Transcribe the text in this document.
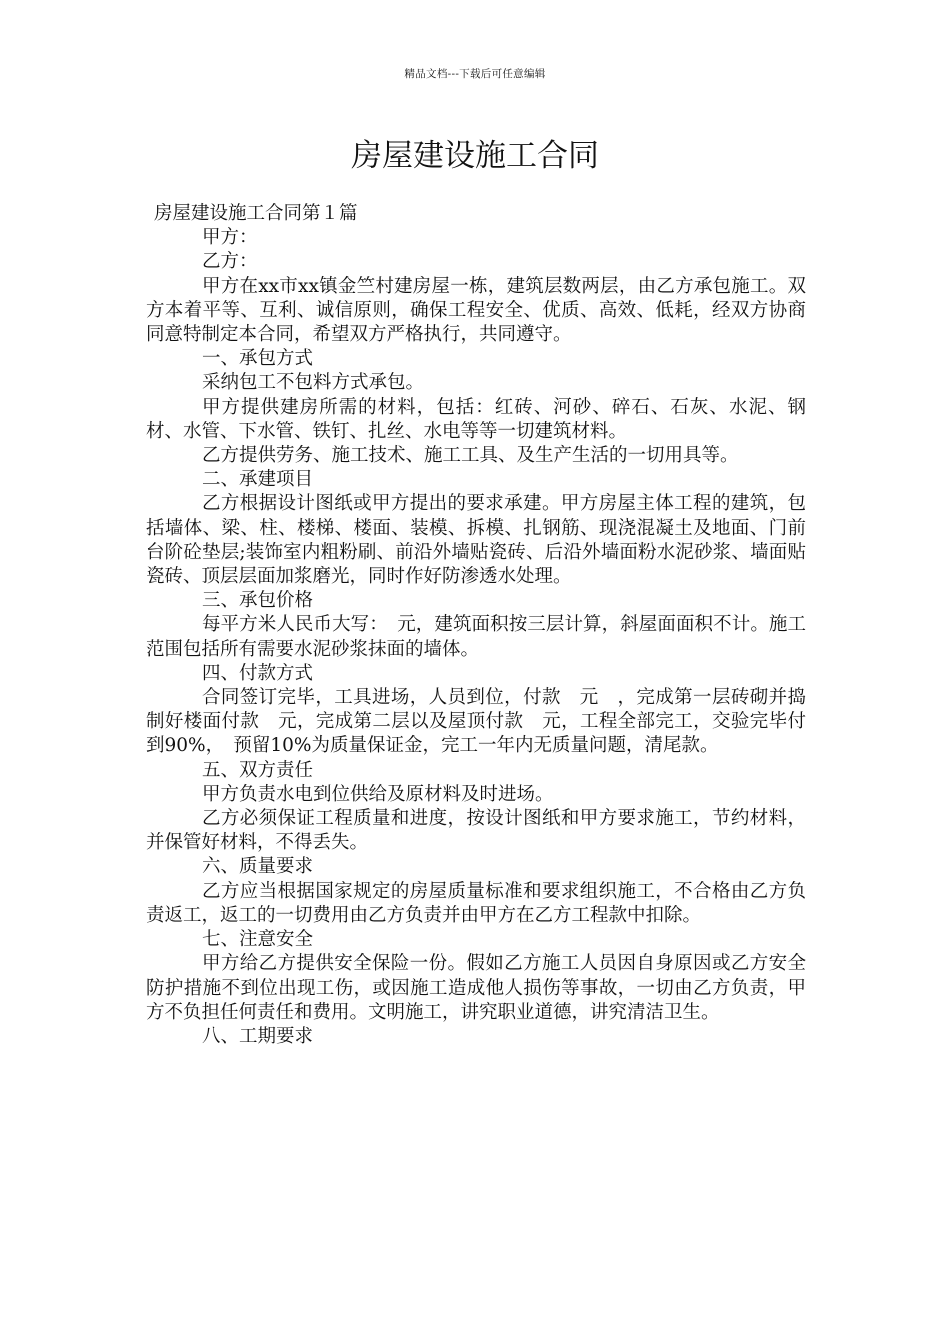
精品文档---下载后可任意编辑
房屋建设施工合同

房屋建设施工合同第１篇

甲方：

乙方：

甲方在xx市xx镇金竺村建房屋一栋，建筑层数两层，由乙方承包施工。双方本着平等、互利、诚信原则，确保工程安全、优质、高效、低耗，经双方协商同意特制定本合同，希望双方严格执行，共同遵守。

一、承包方式

采纳包工不包料方式承包。

甲方提供建房所需的材料，包括：红砖、河砂、碎石、石灰、水泥、钢材、水管、下水管、铁钉、扎丝、水电等等一切建筑材料。

乙方提供劳务、施工技术、施工工具、及生产生活的一切用具等。

二、承建项目

乙方根据设计图纸或甲方提出的要求承建。甲方房屋主体工程的建筑，包括墙体、梁、柱、楼梯、楼面、装模、拆模、扎钢筋、现浇混凝土及地面、门前台阶砼垫层;装饰室内粗粉刷、前沿外墙贴瓷砖、后沿外墙面粉水泥砂浆、墙面贴瓷砖、顶层层面加浆磨光，同时作好防渗透水处理。

三、承包价格

每平方米人民币大写：　元，建筑面积按三层计算，斜屋面面积不计。施工范围包括所有需要水泥砂浆抹面的墙体。

四、付款方式

合同签订完毕，工具进场，人员到位，付款　元　，完成第一层砖砌并捣制好楼面付款　元，完成第二层以及屋顶付款　元，工程全部完工，交验完毕付到90%，　预留10%为质量保证金，完工一年内无质量问题，清尾款。

五、双方责任

甲方负责水电到位供给及原材料及时进场。

乙方必须保证工程质量和进度，按设计图纸和甲方要求施工，节约材料，并保管好材料，不得丢失。

六、质量要求

乙方应当根据国家规定的房屋质量标准和要求组织施工，不合格由乙方负责返工，返工的一切费用由乙方负责并由甲方在乙方工程款中扣除。

七、注意安全

甲方给乙方提供安全保险一份。假如乙方施工人员因自身原因或乙方安全防护措施不到位出现工伤，或因施工造成他人损伤等事故，一切由乙方负责，甲方不负担任何责任和费用。文明施工，讲究职业道德，讲究清洁卫生。

八、工期要求
